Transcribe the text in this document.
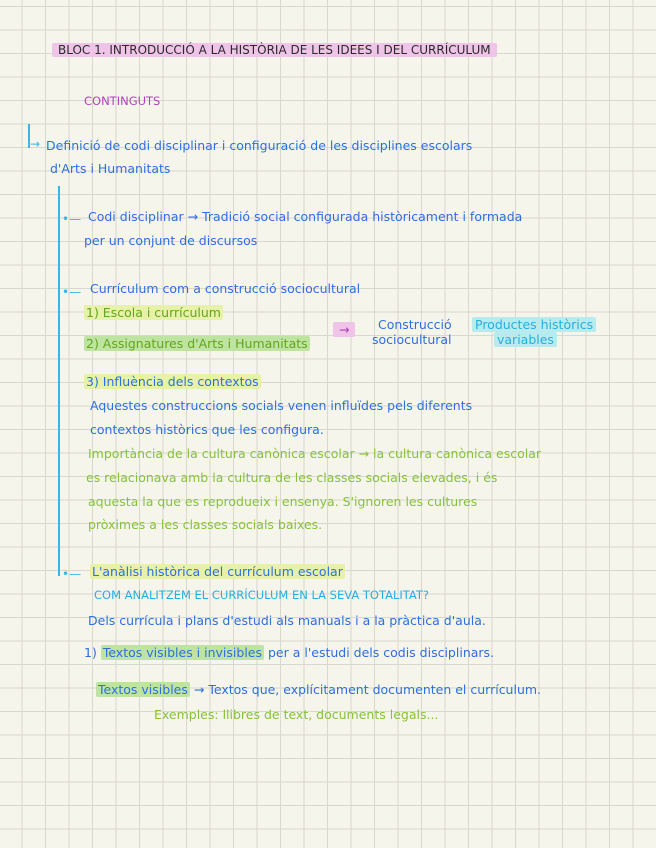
BLOC 1. INTRODUCCIÓ A LA HISTÒRIA DE LES IDEES I DEL CURRÍCULUM
CONTINGUTS
→ Definició de codi disciplinar i configuració de les disciplines escolars
d'Arts i Humanitats
•—
•—
•—
Codi disciplinar → Tradició social configurada històricament i formada
per un conjunt de discursos
Currículum com a construcció sociocultural
1) Escola i currículum
2) Assignatures d'Arts i Humanitats
→	Construcció
sociocultural
Productes històrics
variables
3) Influència dels contextos
Aquestes construccions socials venen influïdes pels diferents
contextos històrics que les configura.
Importància de la cultura canònica escolar → la cultura canònica escolar
es relacionava amb la cultura de les classes socials elevades, i és
aquesta la que es reprodueix i ensenya. S'ignoren les cultures
pròximes a les classes socials baixes.
L'anàlisi històrica del currículum escolar
COM ANALITZEM EL CURRÍCULUM EN LA SEVA TOTALITAT?
Dels currícula i plans d'estudi als manuals i a la pràctica d'aula.
1) Textos visibles i invisibles per a l'estudi dels codis disciplinars.
Textos visibles → Textos que, explícitament documenten el currículum.
Exemples: llibres de text, documents legals...
